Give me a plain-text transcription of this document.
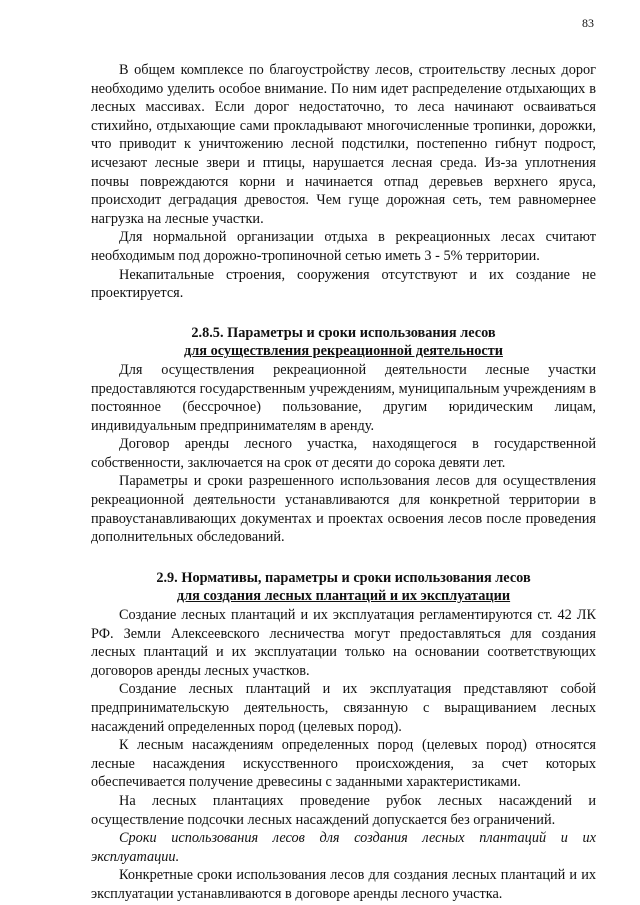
83

В общем комплексе по благоустройству лесов, строительству лесных дорог необходимо уделить особое внимание. По ним идет распределение отдыхающих в лесных массивах. Если дорог недостаточно, то леса начинают осваиваться стихийно, отдыхающие сами прокладывают многочисленные тропинки, дорожки, что приводит к уничтожению лесной подстилки, постепенно гибнут подрост, исчезают лесные звери и птицы, нарушается лесная среда. Из-за уплотнения почвы повреждаются корни и начинается отпад деревьев верхнего яруса, происходит деградация древостоя. Чем гуще дорожная сеть, тем равномернее нагрузка на лесные участки.

Для нормальной организации отдыха в рекреационных лесах считают необходимым под дорожно-тропиночной сетью иметь 3 - 5% территории.

Некапитальные строения, сооружения отсутствуют и их создание не проектируется.

2.8.5. Параметры и сроки использования лесов
для осуществления рекреационной деятельности

Для осуществления рекреационной деятельности лесные участки предоставляются государственным учреждениям, муниципальным учреждениям в постоянное (бессрочное) пользование, другим юридическим лицам, индивидуальным предпринимателям в аренду.

Договор аренды лесного участка, находящегося в государственной собственности, заключается на срок от десяти до сорока девяти лет.

Параметры и сроки разрешенного использования лесов для осуществления рекреационной деятельности устанавливаются для конкретной территории в правоустанавливающих документах и проектах освоения лесов после проведения дополнительных обследований.

2.9. Нормативы, параметры и сроки использования лесов
для создания лесных плантаций и их эксплуатации

Создание лесных плантаций и их эксплуатация регламентируются ст. 42 ЛК РФ. Земли Алексеевского лесничества могут предоставляться для создания лесных плантаций и их эксплуатации только на основании соответствующих договоров аренды лесных участков.

Создание лесных плантаций и их эксплуатация представляют собой предпринимательскую деятельность, связанную с выращиванием лесных насаждений определенных пород (целевых пород).

К лесным насаждениям определенных пород (целевых пород) относятся лесные насаждения искусственного происхождения, за счет которых обеспечивается получение древесины с заданными характеристиками.

На лесных плантациях проведение рубок лесных насаждений и осуществление подсочки лесных насаждений допускается без ограничений.

Сроки использования лесов для создания лесных плантаций и их эксплуатации.

Конкретные сроки использования лесов для создания лесных плантаций и их эксплуатации устанавливаются в договоре аренды лесного участка.
